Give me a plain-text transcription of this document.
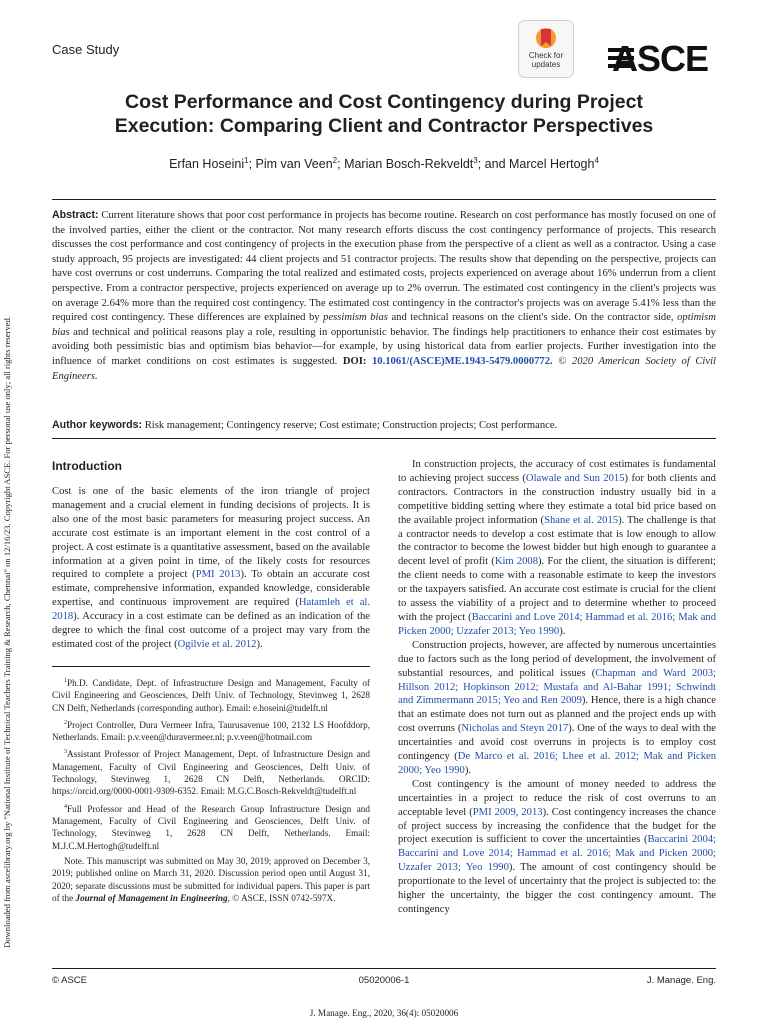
Downloaded from ascelibrary.org by "National Institute of Technical Teachers Training & Research, Chennai" on 12/16/23. Copyright ASCE. For personal use only; all rights reserved.
Case Study	Check for
updates	ASCE
Cost Performance and Cost Contingency during Project
Execution: Comparing Client and Contractor Perspectives
Erfan Hoseini$^1$; Pim van Veen$^2$; Marian Bosch-Rekveldt$^3$; and Marcel Hertogh$^4$
Abstract: Current literature shows that poor cost performance in projects has become routine. Research on cost performance has mostly focused on one of the involved parties, either the client or the contractor. Not many research efforts discuss the cost contingency performance of projects. This research discusses the cost performance and cost contingency of projects in the execution phase from the perspective of a client as well as a contractor. Using a case study approach, 95 projects are investigated: 44 client projects and 51 contractor projects. The results show that depending on the perspective, projects can have cost overruns or cost underruns. Comparing the total realized and estimated costs, projects experienced on average about 16% underrun from a client perspective. From a contractor perspective, projects experienced on average up to 2% overrun. The estimated cost contingency in the client's projects was on average 2.64% more than the required cost contingency. The estimated cost contingency in the contractor's projects was on average 5.41% less than the required cost contingency. These differences are explained by pessimism bias and technical reasons on the client's side. On the contractor side, optimism bias and technical and political reasons play a role, resulting in opportunistic behavior. The findings help practitioners to enhance their cost estimates by avoiding both pessimistic bias and optimism bias behavior—for example, by using historical data from earlier projects. Further investigation into the influence of market conditions on cost estimates is suggested. DOI: 10.1061/(ASCE)ME.1943-5479.0000772. © 2020 American Society of Civil Engineers.
Author keywords: Risk management; Contingency reserve; Cost estimate; Construction projects; Cost performance.
Introduction

Cost is one of the basic elements of the iron triangle of project management and a crucial element in funding decisions of projects. It is also one of the most basic parameters for measuring project success. An accurate cost estimate is an important element in the cost control of a project. A cost estimate is a quantitative assessment, based on the available information at a given point in time, of the likely costs for resources required to complete a project (PMI 2013). To obtain an accurate cost estimate, comprehensive information, expanded knowledge, considerable expertise, and continuous improvement are required (Hatamleh et al. 2018). Accuracy in a cost estimate can be defined as an indication of the degree to which the final cost outcome of a project may vary from the estimated cost of the project (Ogilvie et al. 2012).

$^1$Ph.D. Candidate, Dept. of Infrastructure Design and Management, Faculty of Civil Engineering and Geosciences, Delft Univ. of Technology, Stevinweg 1, 2628 CN Delft, Netherlands (corresponding author). Email: e.hoseini@tudelft.nl

$^2$Project Controller, Dura Vermeer Infra, Taurusavenue 100, 2132 LS Hoofddorp, Netherlands. Email: p.v.veen@duravermeer.nl; p.v.veen@hotmail.com

$^3$Assistant Professor of Project Management, Dept. of Infrastructure Design and Management, Faculty of Civil Engineering and Geosciences, Delft Univ. of Technology, Stevinweg 1, 2628 CN Delft, Netherlands. ORCID: https://orcid.org/0000-0001-9309-6352. Email: M.G.C.Bosch-Rekveldt@tudelft.nl

$^4$Full Professor and Head of the Research Group Infrastructure Design and Management, Faculty of Civil Engineering and Geosciences, Delft Univ. of Technology, Stevinweg 1, 2628 CN Delft, Netherlands. Email: M.J.C.M.Hertogh@tudelft.nl

Note. This manuscript was submitted on May 30, 2019; approved on December 3, 2019; published online on March 31, 2020. Discussion period open until August 31, 2020; separate discussions must be submitted for individual papers. This paper is part of the Journal of Management in Engineering, © ASCE, ISSN 0742-597X.

In construction projects, the accuracy of cost estimates is fundamental to achieving project success (Olawale and Sun 2015) for both clients and contractors. Contractors in the construction industry usually bid in a competitive bidding setting where they estimate a total bid price based on the available project information (Shane et al. 2015). The challenge is that a contractor needs to develop a cost estimate that is low enough to allow the contractor to become the lowest bidder but high enough to guarantee a decent level of profit (Kim 2008). For the client, the situation is different; the client needs to come with a reasonable estimate to keep the investors or the taxpayers satisfied. An accurate cost estimate is crucial for the client to assess the viability of a project and to determine whether to proceed with the project (Baccarini and Love 2014; Hammad et al. 2016; Mak and Picken 2000; Uzzafer 2013; Yeo 1990).

Construction projects, however, are affected by numerous uncertainties due to factors such as the long period of development, the involvement of substantial resources, and political issues (Chapman and Ward 2003; Hillson 2012; Hopkinson 2012; Mustafa and Al-Bahar 1991; Schwindt and Zimmermann 2015; Yeo and Ren 2009). Hence, there is a high chance that an estimate does not turn out as planned and the project ends up with cost overruns (Nicholas and Steyn 2017). One of the ways to deal with the uncertainties and avoid cost overruns in projects is to employ cost contingency (De Marco et al. 2016; Lhee et al. 2012; Mak and Picken 2000; Yeo 1990).

Cost contingency is the amount of money needed to address the uncertainties in a project to reduce the risk of cost overruns to an acceptable level (PMI 2009, 2013). Cost contingency increases the chance of project success by increasing the confidence that the budget for the project execution is sufficient to cover the uncertainties (Baccarini 2004; Baccarini and Love 2014; Hammad et al. 2016; Mak and Picken 2000; Uzzafer 2013; Yeo 1990). The amount of cost contingency should be proportionate to the level of uncertainty that the project is subjected to: the higher the uncertainty, the bigger the cost contingency amount. The contingency

© ASCE	05020006-1	J. Manage. Eng.
J. Manage. Eng., 2020, 36(4): 05020006
